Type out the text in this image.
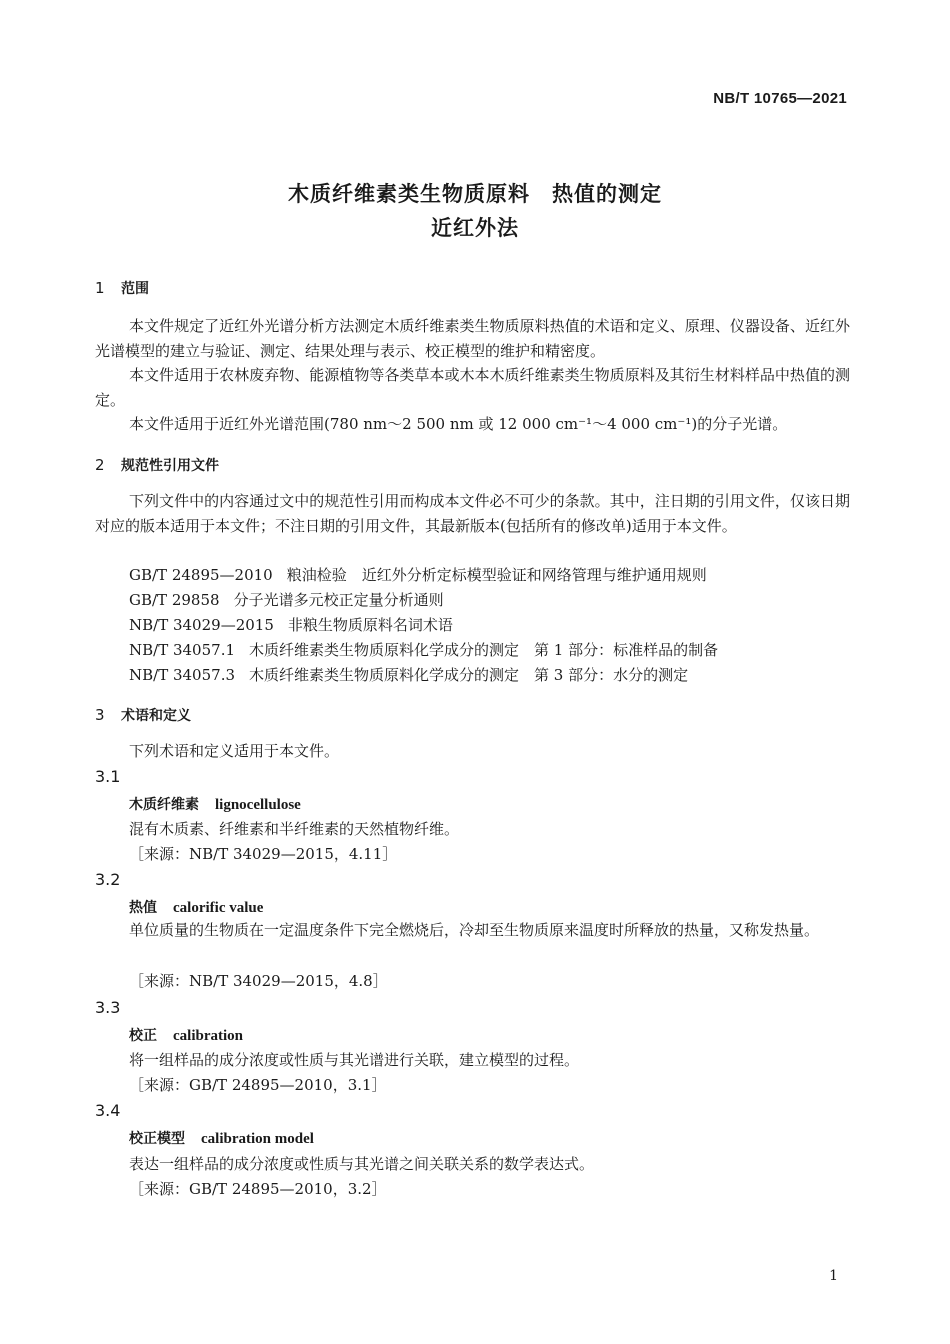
NB/T 10765—2021
木质纤维素类生物质原料　热值的测定
近红外法
1 范围

本文件规定了近红外光谱分析方法测定木质纤维素类生物质原料热值的术语和定义、原理、仪器设备、近红外光谱模型的建立与验证、测定、结果处理与表示、校正模型的维护和精密度。

本文件适用于农林废弃物、能源植物等各类草本或木本木质纤维素类生物质原料及其衍生材料样品中热值的测定。

本文件适用于近红外光谱范围(780 nm～2 500 nm 或 12 000 cm⁻¹～4 000 cm⁻¹)的分子光谱。

2 规范性引用文件

下列文件中的内容通过文中的规范性引用而构成本文件必不可少的条款。其中，注日期的引用文件，仅该日期对应的版本适用于本文件；不注日期的引用文件，其最新版本(包括所有的修改单)适用于本文件。

GB/T 24895—2010 粮油检验　近红外分析定标模型验证和网络管理与维护通用规则
GB/T 29858 分子光谱多元校正定量分析通则
NB/T 34029—2015 非粮生物质原料名词术语
NB/T 34057.1 木质纤维素类生物质原料化学成分的测定　第 1 部分：标准样品的制备
NB/T 34057.3 木质纤维素类生物质原料化学成分的测定　第 3 部分：水分的测定
3 术语和定义
下列术语和定义适用于本文件。
3.1
木质纤维素 lignocellulose
混有木质素、纤维素和半纤维素的天然植物纤维。
［来源：NB/T 34029—2015，4.11］
3.2
热值 calorific value

单位质量的生物质在一定温度条件下完全燃烧后，冷却至生物质原来温度时所释放的热量，又称发热量。

［来源：NB/T 34029—2015，4.8］
3.3
校正 calibration
将一组样品的成分浓度或性质与其光谱进行关联，建立模型的过程。
［来源：GB/T 24895—2010，3.1］
3.4
校正模型 calibration model
表达一组样品的成分浓度或性质与其光谱之间关联关系的数学表达式。
［来源：GB/T 24895—2010，3.2］
1
